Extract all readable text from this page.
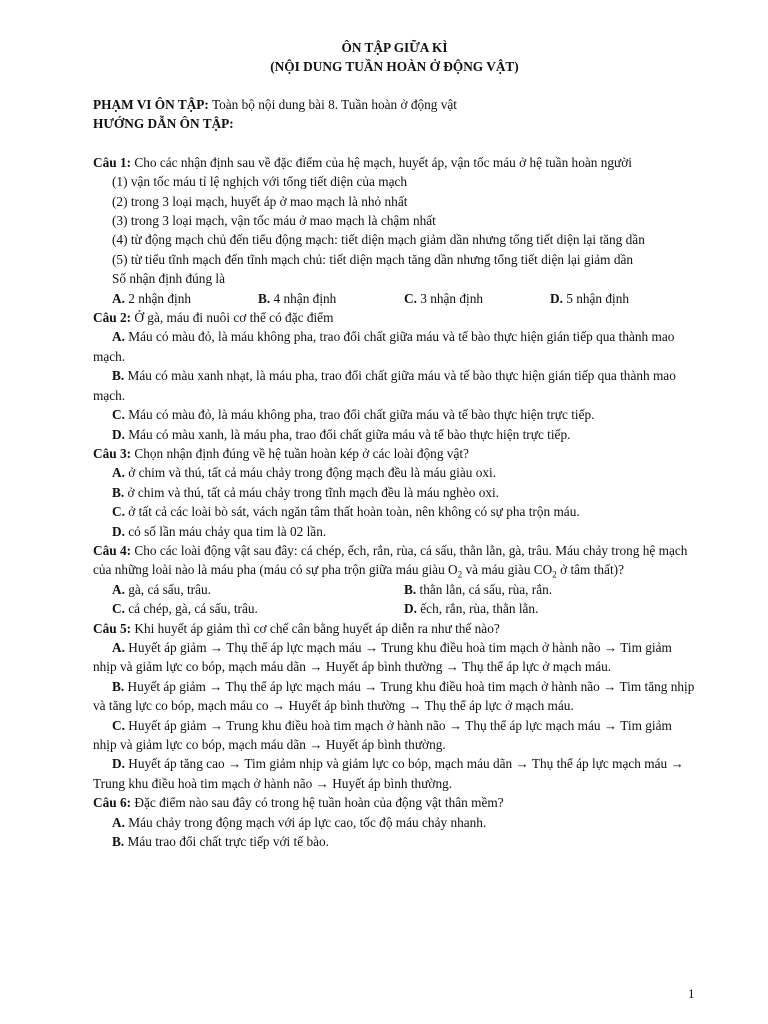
ÔN TẬP GIỮA KÌ
(NỘI DUNG TUẦN HOÀN Ở ĐỘNG VẬT)

PHẠM VI ÔN TẬP: Toàn bộ nội dung bài 8. Tuần hoàn ở động vật

HƯỚNG DẪN ÔN TẬP:

Câu 1: Cho các nhận định sau về đặc điểm của hệ mạch, huyết áp, vận tốc máu ở hệ tuần hoàn người

(1) vận tốc máu tỉ lệ nghịch với tổng tiết diện của mạch

(2) trong 3 loại mạch, huyết áp ở mao mạch là nhỏ nhất

(3) trong 3 loại mạch, vận tốc máu ở mao mạch là chậm nhất

(4) từ động mạch chủ đến tiểu động mạch: tiết diện mạch giảm dần nhưng tổng tiết diện lại tăng dần

(5) từ tiểu tĩnh mạch đến tĩnh mạch chủ: tiết diện mạch tăng dần nhưng tổng tiết diện lại giảm dần

Số nhận định đúng là

A. 2 nhận định	B. 4 nhận định	C. 3 nhận định	D. 5 nhận định

Câu 2: Ở gà, máu đi nuôi cơ thể có đặc điểm

A. Máu có màu đỏ, là máu không pha, trao đổi chất giữa máu và tế bào thực hiện gián tiếp qua thành mao mạch.

B. Máu có màu xanh nhạt, là máu pha, trao đổi chất giữa máu và tế bào thực hiện gián tiếp qua thành mao mạch.

C. Máu có màu đỏ, là máu không pha, trao đổi chất giữa máu và tế bào thực hiện trực tiếp.

D. Máu có màu xanh, là máu pha, trao đổi chất giữa máu và tế bào thực hiện trực tiếp.

Câu 3: Chọn nhận định đúng về hệ tuần hoàn kép ở các loài động vật?

A. ở chim và thú, tất cả máu chảy trong động mạch đều là máu giàu oxi.

B. ở chim và thú, tất cả máu chảy trong tĩnh mạch đều là máu nghèo oxi.

C. ở tất cả các loài bò sát, vách ngăn tâm thất hoàn toàn, nên không có sự pha trộn máu.

D. có số lần máu chảy qua tim là 02 lần.

Câu 4: Cho các loài động vật sau đây: cá chép, ếch, rắn, rùa, cá sấu, thằn lằn, gà, trâu. Máu chảy trong hệ mạch của những loài nào là máu pha (máu có sự pha trộn giữa máu giàu $O_2$ và máu giàu $CO_2$ ở tâm thất)?

A. gà, cá sấu, trâu.	B. thằn lằn, cá sấu, rùa, rắn.
C. cá chép, gà, cá sấu, trâu.	D. ếch, rắn, rùa, thằn lằn.

Câu 5: Khi huyết áp giảm thì cơ chế cân bằng huyết áp diễn ra như thế nào?

A. Huyết áp giảm → Thụ thể áp lực mạch máu → Trung khu điều hoà tim mạch ở hành não → Tim giảm nhịp và giảm lực co bóp, mạch máu dãn → Huyết áp bình thường → Thụ thể áp lực ở mạch máu.

B. Huyết áp giảm → Thụ thể áp lực mạch máu → Trung khu điều hoà tim mạch ở hành não → Tim tăng nhịp và tăng lực co bóp, mạch máu co → Huyết áp bình thường → Thụ thể áp lực ở mạch máu.

C. Huyết áp giảm → Trung khu điều hoà tim mạch ở hành não → Thụ thể áp lực mạch máu → Tim giảm nhịp và giảm lực co bóp, mạch máu dãn → Huyết áp bình thường.

D. Huyết áp tăng cao → Tim giảm nhịp và giảm lực co bóp, mạch máu dãn → Thụ thể áp lực mạch máu → Trung khu điều hoà tim mạch ở hành não → Huyết áp bình thường.

Câu 6: Đặc điểm nào sau đây có trong hệ tuần hoàn của động vật thân mềm?

A. Máu chảy trong động mạch với áp lực cao, tốc độ máu chảy nhanh.

B. Máu trao đổi chất trực tiếp với tế bào.

1
